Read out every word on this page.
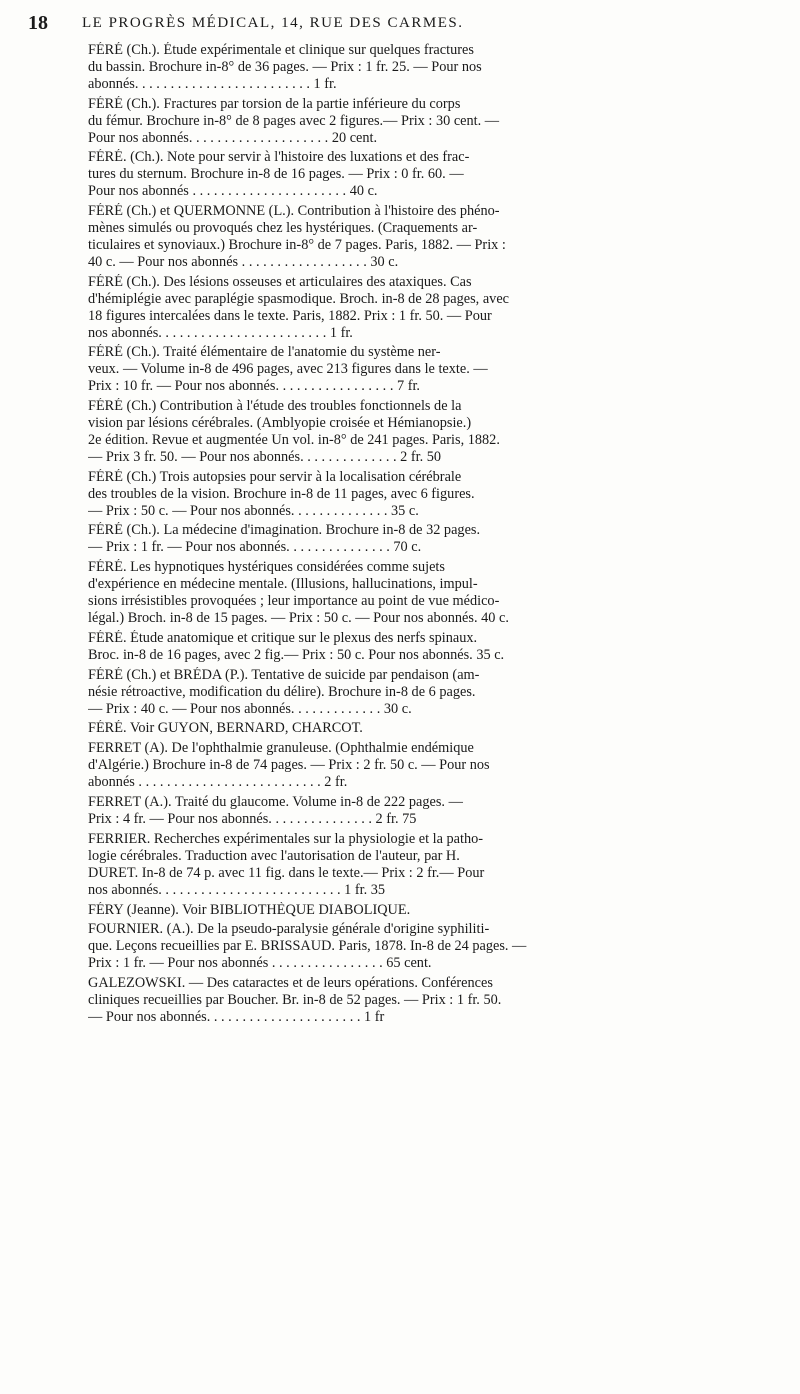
18 LE PROGRÈS MÉDICAL, 14, RUE DES CARMES.
FÉRÉ (Ch.). Étude expérimentale et clinique sur quelques fractures
du bassin. Brochure in-8° de 36 pages. — Prix : 1 fr. 25. — Pour nos
abonnés. . . . . . . . . . . . . . . . . . . . . . . . . 1 fr.
FÉRÉ (Ch.). Fractures par torsion de la partie inférieure du corps
du fémur. Brochure in-8° de 8 pages avec 2 figures.— Prix : 30 cent. —
Pour nos abonnés. . . . . . . . . . . . . . . . . . . . 20 cent.
FÉRÉ. (Ch.). Note pour servir à l'histoire des luxations et des frac-
tures du sternum. Brochure in-8 de 16 pages. — Prix : 0 fr. 60. —
Pour nos abonnés . . . . . . . . . . . . . . . . . . . . . . 40 c.
FÉRÉ (Ch.) et QUERMONNE (L.). Contribution à l'histoire des phéno-
mènes simulés ou provoqués chez les hystériques. (Craquements ar-
ticulaires et synoviaux.) Brochure in-8° de 7 pages. Paris, 1882. — Prix :
40 c. — Pour nos abonnés . . . . . . . . . . . . . . . . . . 30 c.
FÉRÉ (Ch.). Des lésions osseuses et articulaires des ataxiques. Cas
d'hémiplégie avec paraplégie spasmodique. Broch. in-8 de 28 pages, avec
18 figures intercalées dans le texte. Paris, 1882. Prix : 1 fr. 50. — Pour
nos abonnés. . . . . . . . . . . . . . . . . . . . . . . . 1 fr.
FÉRÉ (Ch.). Traité élémentaire de l'anatomie du système ner-
veux. — Volume in-8 de 496 pages, avec 213 figures dans le texte. —
Prix : 10 fr. — Pour nos abonnés. . . . . . . . . . . . . . . . . 7 fr.
FÉRÉ (Ch.) Contribution à l'étude des troubles fonctionnels de la
vision par lésions cérébrales. (Amblyopie croisée et Hémianopsie.)
2e édition. Revue et augmentée Un vol. in-8° de 241 pages. Paris, 1882.
— Prix 3 fr. 50. — Pour nos abonnés. . . . . . . . . . . . . . 2 fr. 50
FÉRÉ (Ch.) Trois autopsies pour servir à la localisation cérébrale
des troubles de la vision. Brochure in-8 de 11 pages, avec 6 figures.
— Prix : 50 c. — Pour nos abonnés. . . . . . . . . . . . . . 35 c.
FÉRÉ (Ch.). La médecine d'imagination. Brochure in-8 de 32 pages.
— Prix : 1 fr. — Pour nos abonnés. . . . . . . . . . . . . . . 70 c.
FÉRÉ. Les hypnotiques hystériques considérées comme sujets
d'expérience en médecine mentale. (Illusions, hallucinations, impul-
sions irrésistibles provoquées ; leur importance au point de vue médico-
légal.) Broch. in-8 de 15 pages. — Prix : 50 c. — Pour nos abonnés. 40 c.
FÉRÉ. Étude anatomique et critique sur le plexus des nerfs spinaux.
Broc. in-8 de 16 pages, avec 2 fig.— Prix : 50 c. Pour nos abonnés. 35 c.
FÉRÉ (Ch.) et BRÉDA (P.). Tentative de suicide par pendaison (am-
nésie rétroactive, modification du délire). Brochure in-8 de 6 pages.
— Prix : 40 c. — Pour nos abonnés. . . . . . . . . . . . . 30 c.
FÉRÉ. Voir GUYON, BERNARD, CHARCOT.
FERRET (A). De l'ophthalmie granuleuse. (Ophthalmie endémique
d'Algérie.) Brochure in-8 de 74 pages. — Prix : 2 fr. 50 c. — Pour nos
abonnés . . . . . . . . . . . . . . . . . . . . . . . . . . 2 fr.
FERRET (A.). Traité du glaucome. Volume in-8 de 222 pages. —
Prix : 4 fr. — Pour nos abonnés. . . . . . . . . . . . . . . 2 fr. 75
FERRIER. Recherches expérimentales sur la physiologie et la patho-
logie cérébrales. Traduction avec l'autorisation de l'auteur, par H.
DURET. In-8 de 74 p. avec 11 fig. dans le texte.— Prix : 2 fr.— Pour
nos abonnés. . . . . . . . . . . . . . . . . . . . . . . . . . 1 fr. 35
FÉRY (Jeanne). Voir BIBLIOTHÈQUE DIABOLIQUE.
FOURNIER. (A.). De la pseudo-paralysie générale d'origine syphiliti-
que. Leçons recueillies par E. BRISSAUD. Paris, 1878. In-8 de 24 pages. —
Prix : 1 fr. — Pour nos abonnés . . . . . . . . . . . . . . . . 65 cent.
GALEZOWSKI. — Des cataractes et de leurs opérations. Conférences
cliniques recueillies par Boucher. Br. in-8 de 52 pages. — Prix : 1 fr. 50.
— Pour nos abonnés. . . . . . . . . . . . . . . . . . . . . . 1 fr
